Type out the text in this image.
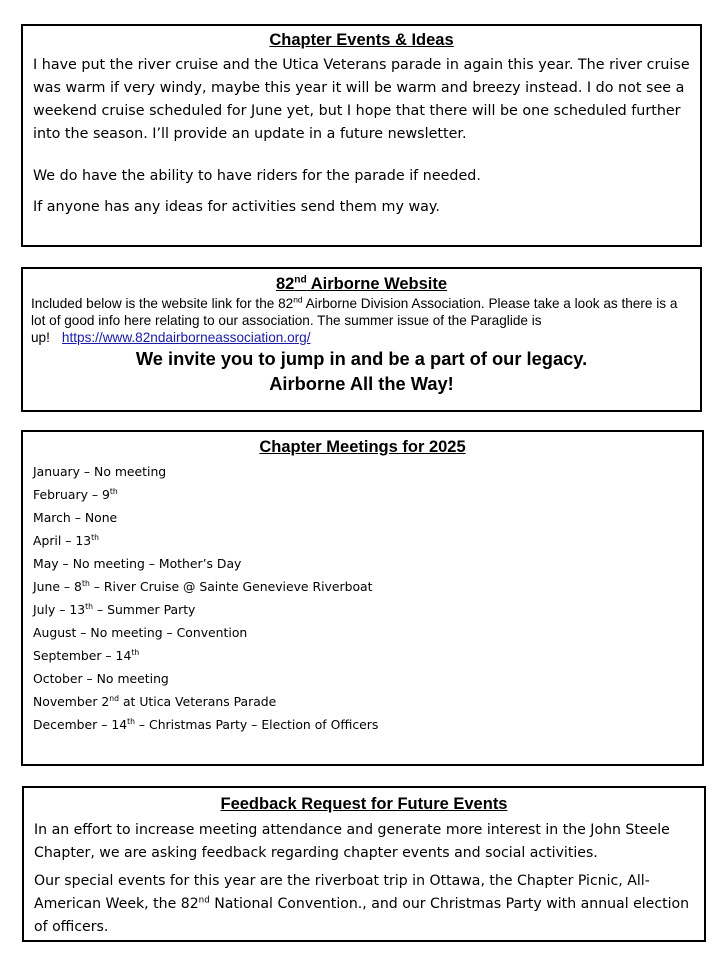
Chapter Events & Ideas

I have put the river cruise and the Utica Veterans parade in again this year. The river cruise was warm if very windy, maybe this year it will be warm and breezy instead. I do not see a weekend cruise scheduled for June yet, but I hope that there will be one scheduled further into the season. I’ll provide an update in a future newsletter.

We do have the ability to have riders for the parade if needed.

If anyone has any ideas for activities send them my way.

82nd Airborne Website

Included below is the website link for the 82nd Airborne Division Association. Please take a look as there is a lot of good info here relating to our association. The summer issue of the Paraglide is up! https://www.82ndairborneassociation.org/

We invite you to jump in and be a part of our legacy.

Airborne All the Way!

Chapter Meetings for 2025
January – No meeting
February – 9th
March – None
April – 13th
May – No meeting – Mother’s Day
June – 8th – River Cruise @ Sainte Genevieve Riverboat
July – 13th – Summer Party
August – No meeting – Convention
September – 14th
October – No meeting
November 2nd at Utica Veterans Parade
December – 14th – Christmas Party – Election of Officers
Feedback Request for Future Events

In an effort to increase meeting attendance and generate more interest in the John Steele Chapter, we are asking feedback regarding chapter events and social activities.

Our special events for this year are the riverboat trip in Ottawa, the Chapter Picnic, All-American Week, the 82nd National Convention., and our Christmas Party with annual election of officers.
